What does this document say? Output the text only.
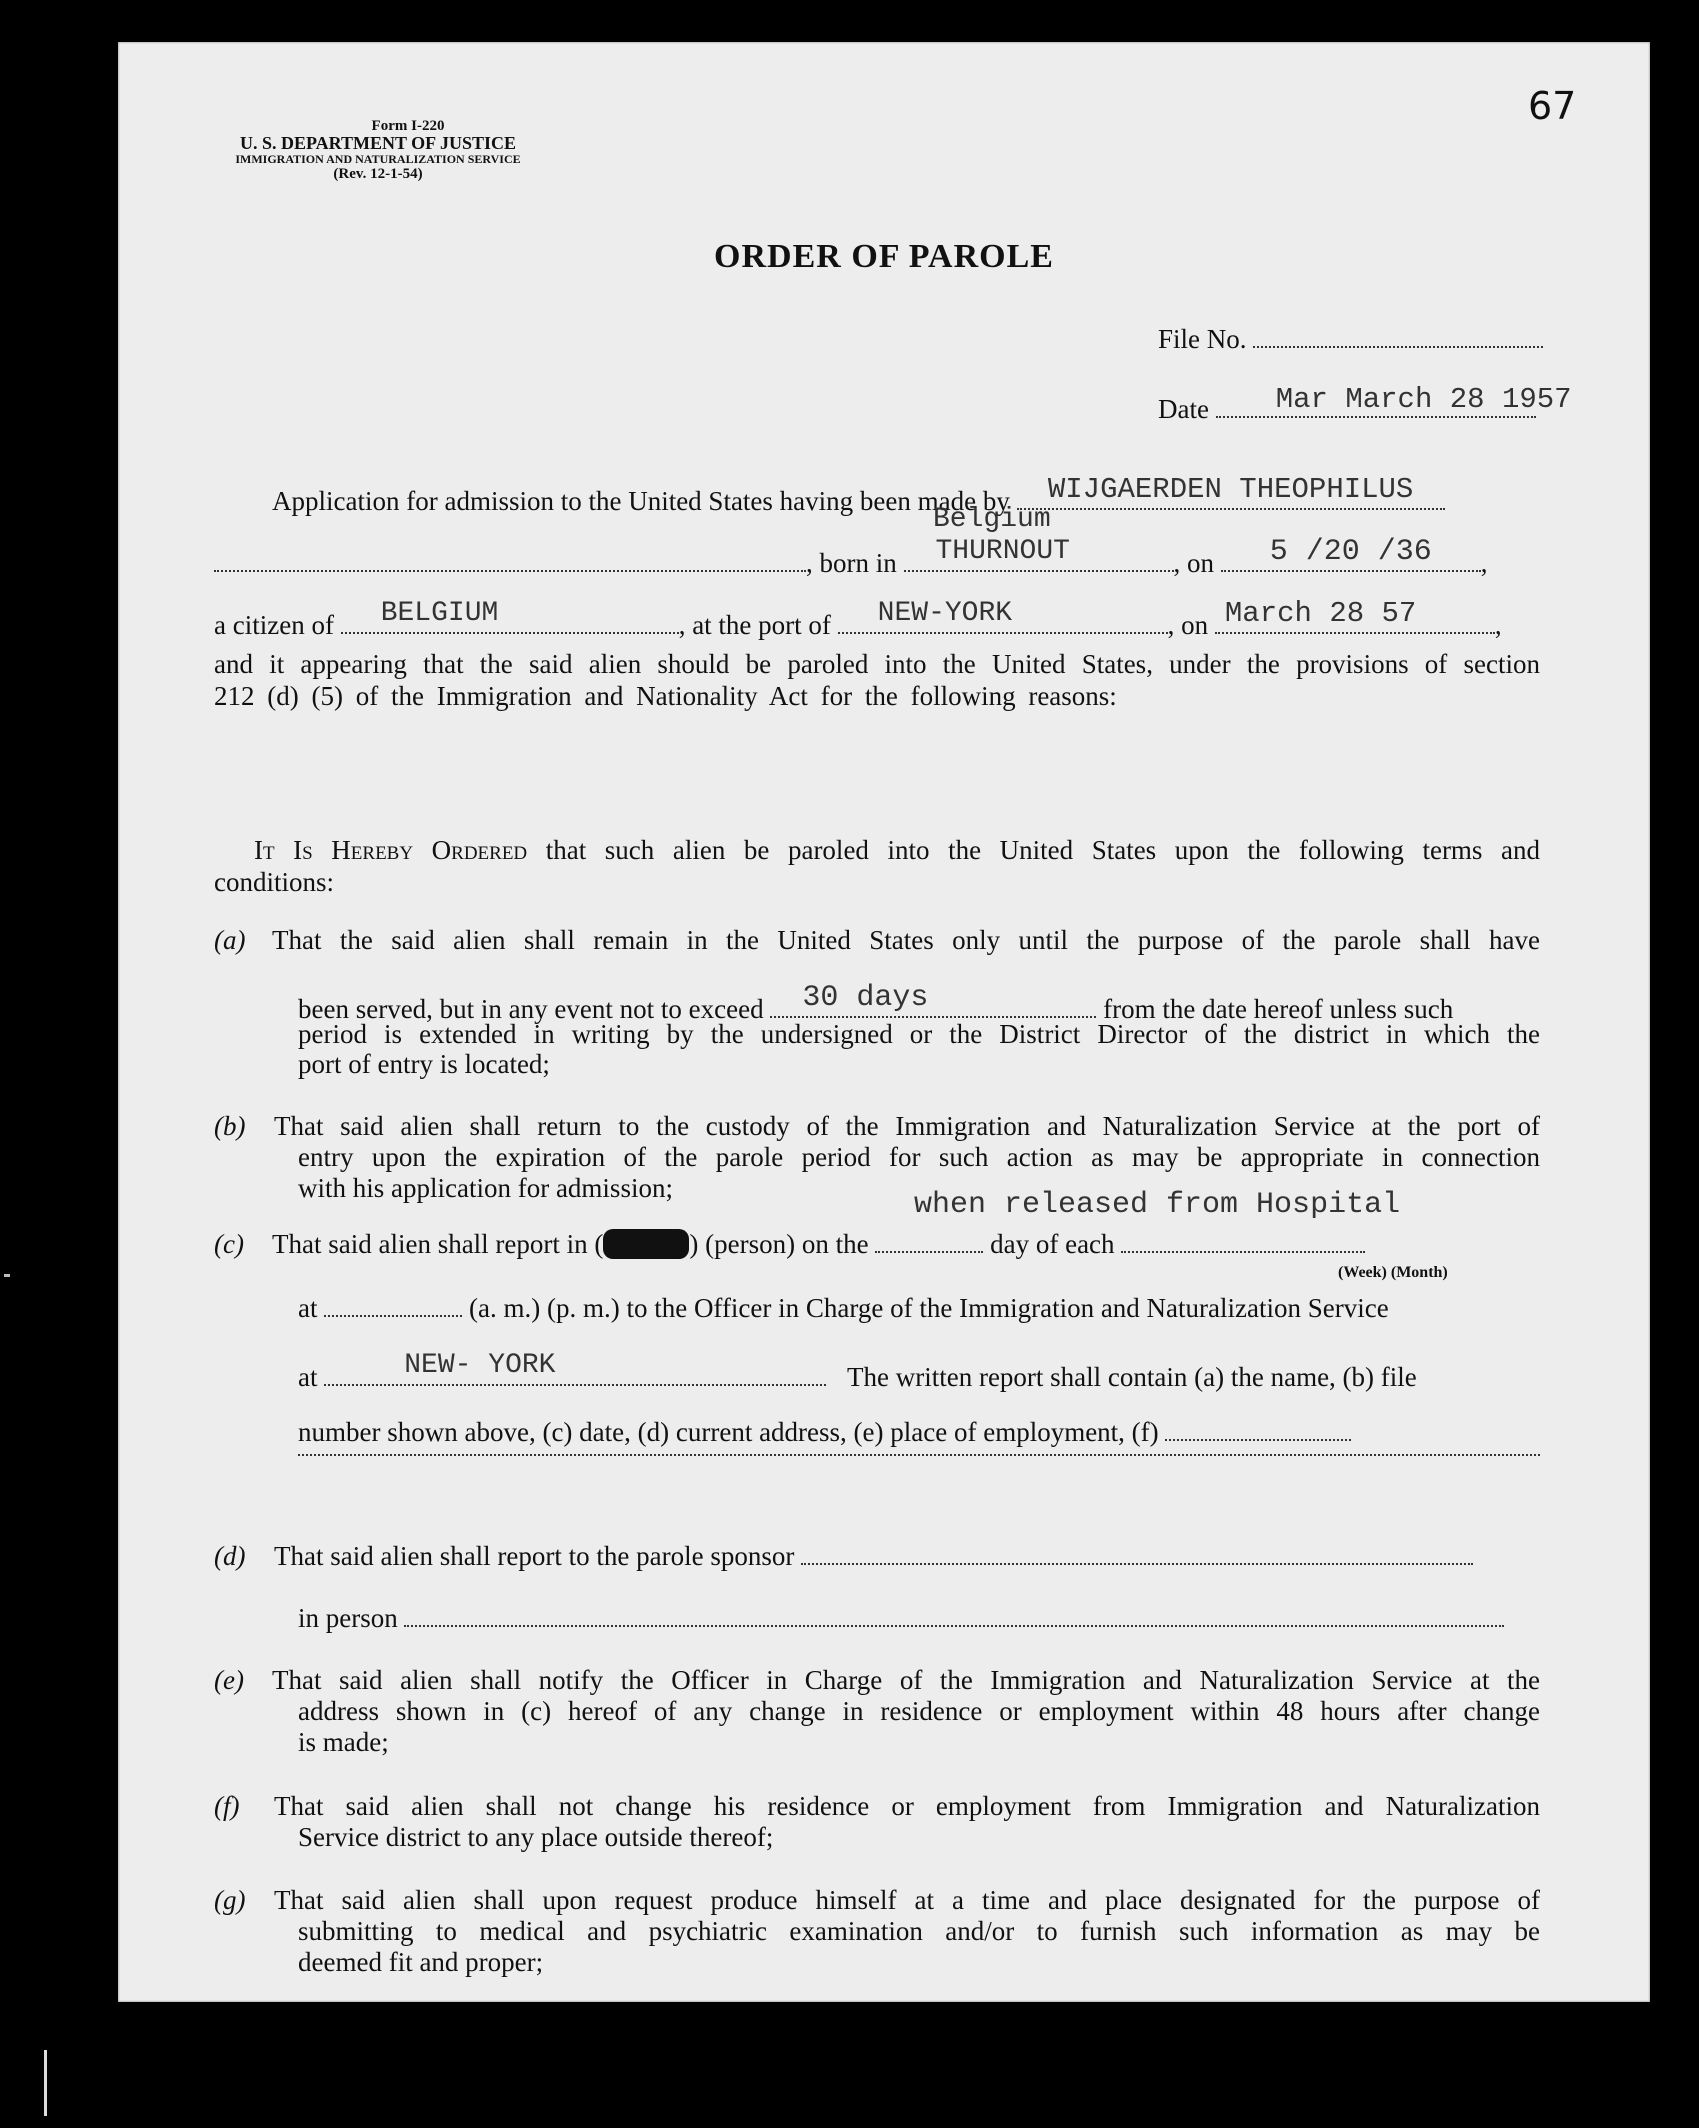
67
Form I-220
U. S. DEPARTMENT OF JUSTICE
IMMIGRATION AND NATURALIZATION SERVICE
(Rev. 12-1-54)
ORDER OF PAROLE
File No.
Date Mar March 28 1957
Application for admission to the United States having been made by	WIJGAERDEN THEOPHILUS
Belgium
, born in THURNOUT	, on	5 /20 /36	,
a citizen of BELGIUM	, at the port of NEW-YORK	, on March 28 57	,
and it appearing that the said alien should be paroled into the United States, under the provisions of section
212 (d) (5) of the Immigration and Nationality Act for the following reasons:
It Is Hereby Ordered that such alien be paroled into the United States upon the following terms and
conditions:
(a) That the said alien shall remain in the United States only until the purpose of the parole shall have
been served, but in any event not to exceed 30 days	from the date hereof unless such
period is extended in writing by the undersigned or the District Director of the district in which the
port of entry is located;
(b) That said alien shall return to the custody of the Immigration and Naturalization Service at the port of
entry upon the expiration of the parole period for such action as may be appropriate in connection
with his application for admission;	when released from Hospital
(c) That said alien shall report in ( writing ) (person) on the	day of each
(Week) (Month)
at	(a. m.) (p. m.) to the Officer in Charge of the Immigration and Naturalization Service
at	NEW- YORK	The written report shall contain (a) the name, (b) file
number shown above, (c) date, (d) current address, (e) place of employment, (f)
(d) That said alien shall report to the parole sponsor
in person
(e) That said alien shall notify the Officer in Charge of the Immigration and Naturalization Service at the
address shown in (c) hereof of any change in residence or employment within 48 hours after change
is made;
(f) That said alien shall not change his residence or employment from Immigration and Naturalization
Service district to any place outside thereof;
(g) That said alien shall upon request produce himself at a time and place designated for the purpose of
submitting to medical and psychiatric examination and/or to furnish such information as may be
deemed fit and proper;
